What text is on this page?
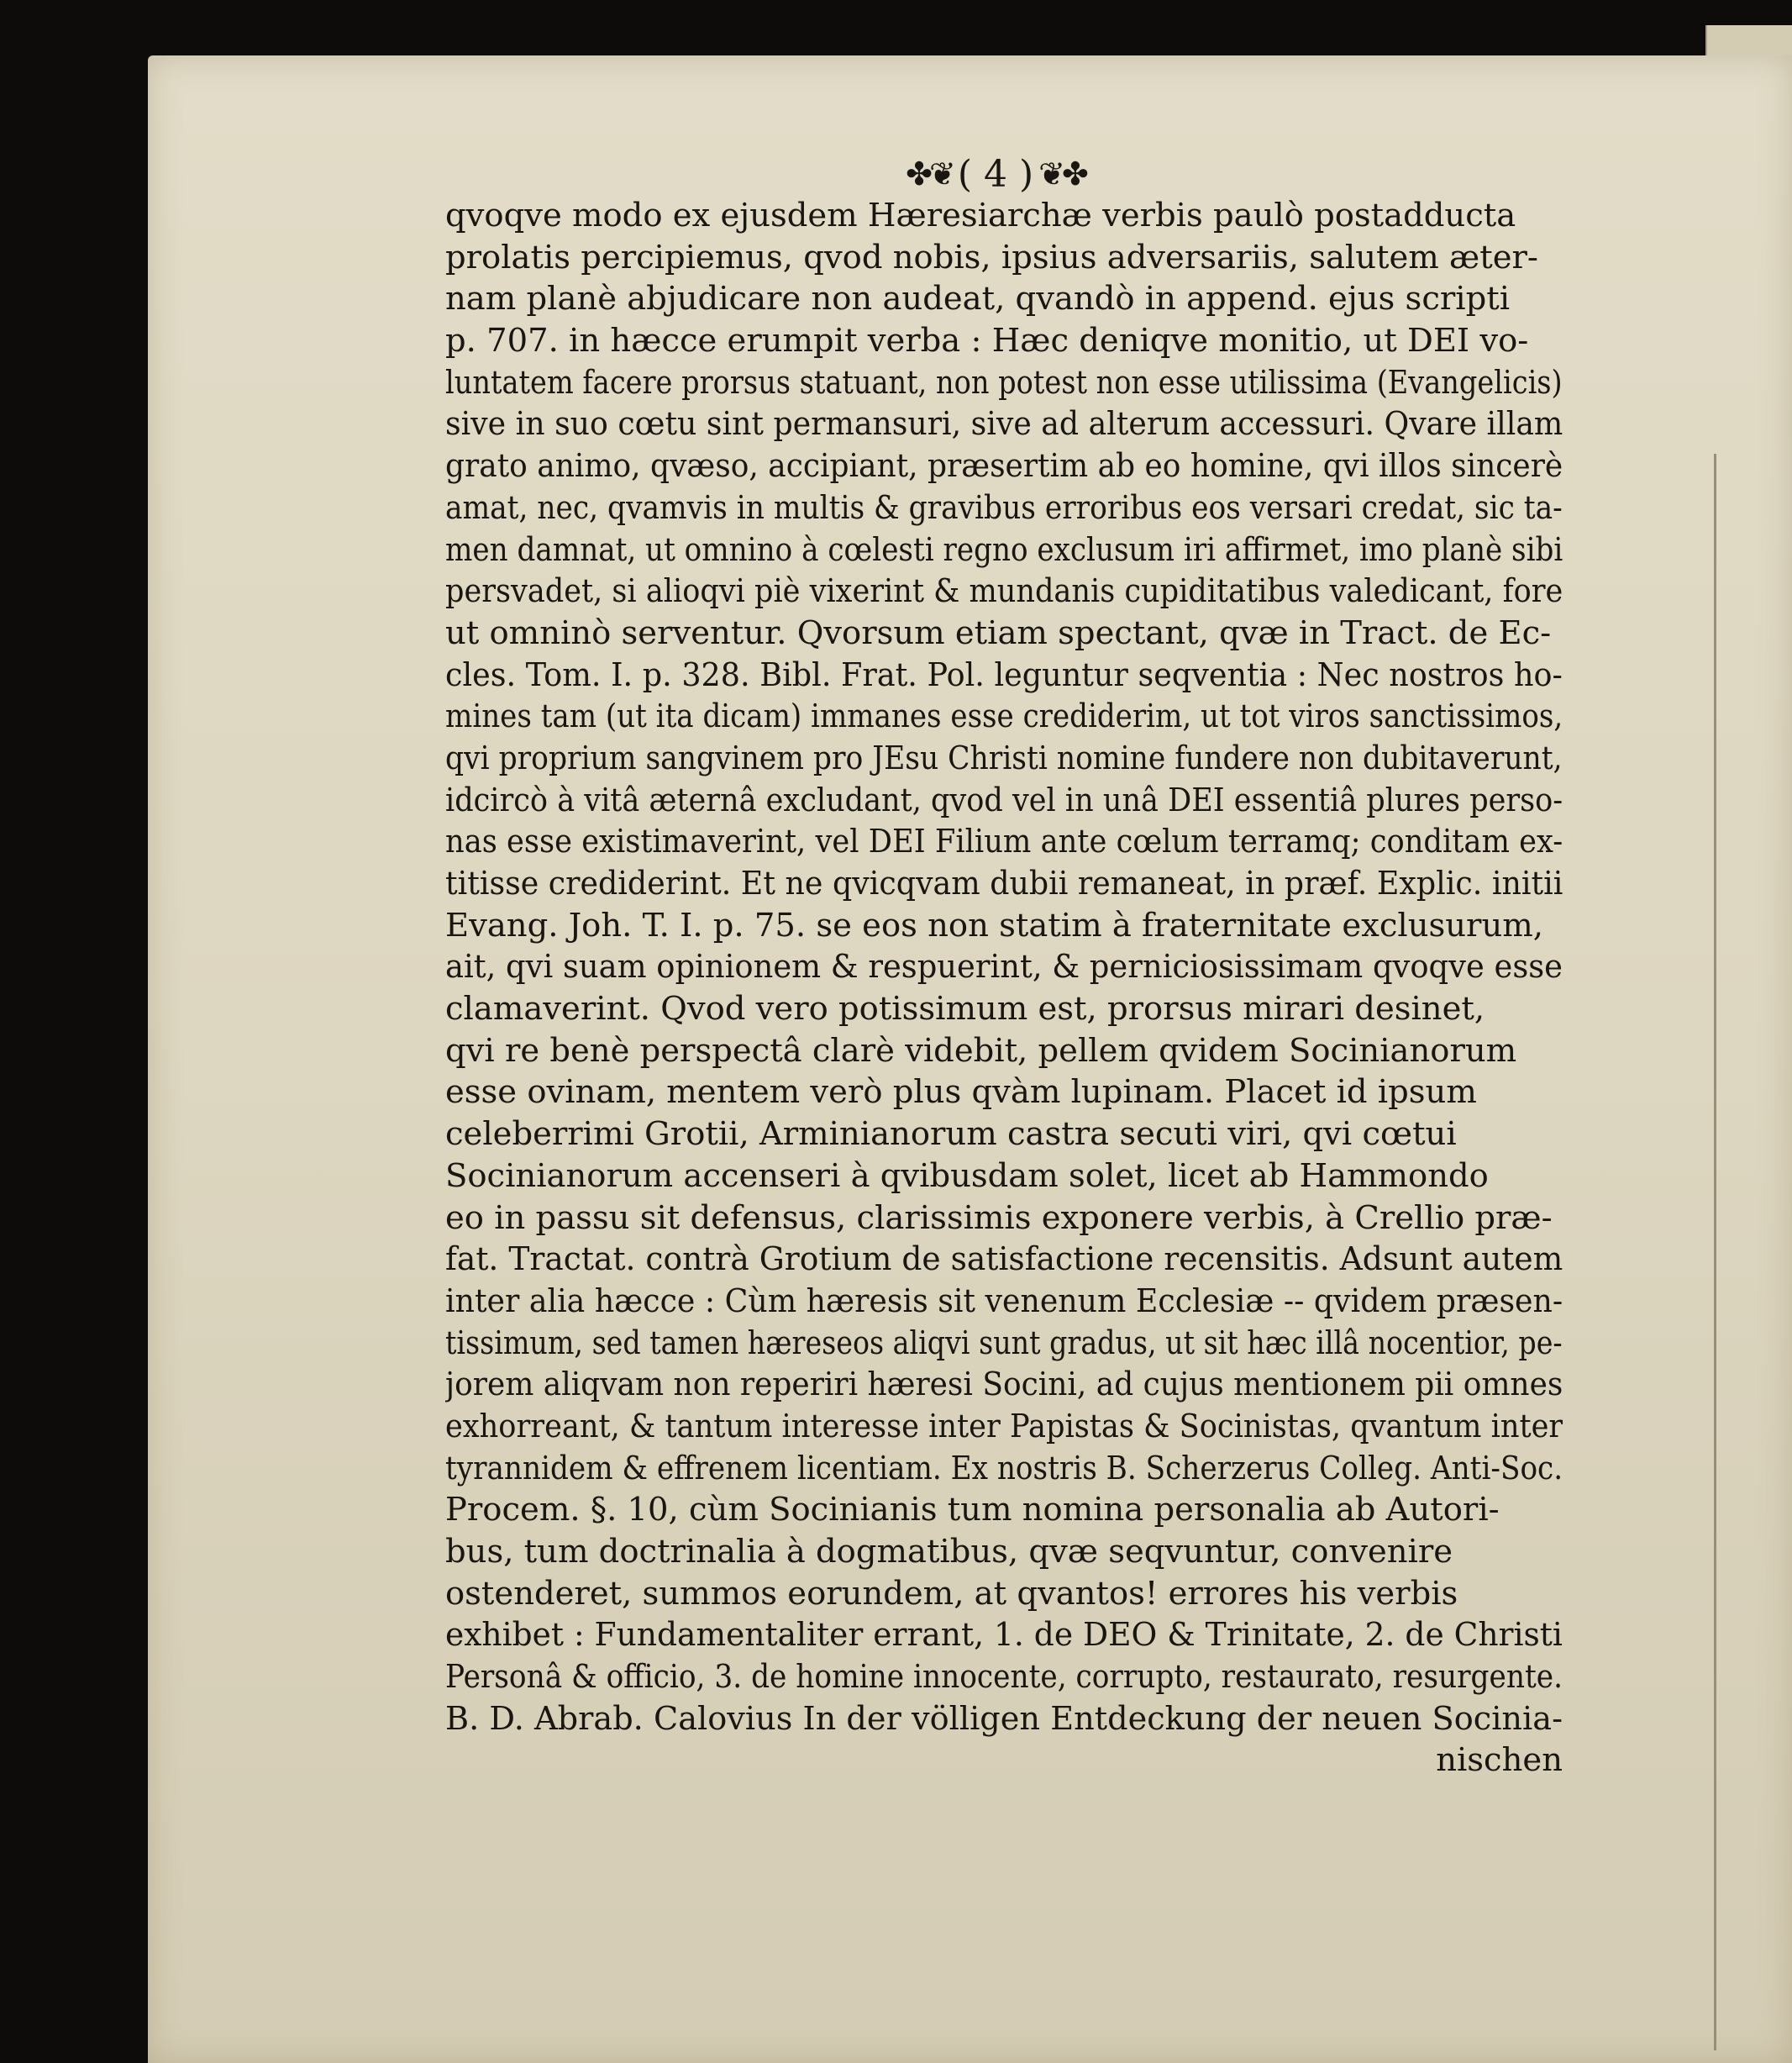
✤❦ ( 4 ) ❦✤
qvoqve modo ex ejusdem Hæresiarchæ verbis paulò postadducta
prolatis percipiemus, qvod nobis, ipsius adversariis, salutem æter-
nam planè abjudicare non audeat, qvandò in append. ejus scripti
p. 707. in hæcce erumpit verba : Hæc deniqve monitio, ut DEI vo-
luntatem facere prorsus statuant, non potest non esse utilissima (Evangelicis)
sive in suo cœtu sint permansuri, sive ad alterum accessuri. Qvare illam
grato animo, qvæso, accipiant, præsertim ab eo homine, qvi illos sincerè
amat, nec, qvamvis in multis & gravibus erroribus eos versari credat, sic ta-
men damnat, ut omnino à cœlesti regno exclusum iri affirmet, imo planè sibi
persvadet, si alioqvi piè vixerint & mundanis cupiditatibus valedicant, fore
ut omninò serventur. Qvorsum etiam spectant, qvæ in Tract. de Ec-
cles. Tom. I. p. 328. Bibl. Frat. Pol. leguntur seqventia : Nec nostros ho-
mines tam (ut ita dicam) immanes esse crediderim, ut tot viros sanctissimos,
qvi proprium sangvinem pro JEsu Christi nomine fundere non dubitaverunt,
idcircò à vitâ æternâ excludant, qvod vel in unâ DEI essentiâ plures perso-
nas esse existimaverint, vel DEI Filium ante cœlum terramq; conditam ex-
titisse crediderint. Et ne qvicqvam dubii remaneat, in præf. Explic. initii
Evang. Joh. T. I. p. 75. se eos non statim à fraternitate exclusurum,
ait, qvi suam opinionem & respuerint, & perniciosissimam qvoqve esse
clamaverint. Qvod vero potissimum est, prorsus mirari desinet,
qvi re benè perspectâ clarè videbit, pellem qvidem Socinianorum
esse ovinam, mentem verò plus qvàm lupinam. Placet id ipsum
celeberrimi Grotii, Arminianorum castra secuti viri, qvi cœtui
Socinianorum accenseri à qvibusdam solet, licet ab Hammondo
eo in passu sit defensus, clarissimis exponere verbis, à Crellio præ-
fat. Tractat. contrà Grotium de satisfactione recensitis. Adsunt autem
inter alia hæcce : Cùm hæresis sit venenum Ecclesiæ -- qvidem præsen-
tissimum, sed tamen hæreseos aliqvi sunt gradus, ut sit hæc illâ nocentior, pe-
jorem aliqvam non reperiri hæresi Socini, ad cujus mentionem pii omnes
exhorreant, & tantum interesse inter Papistas & Socinistas, qvantum inter
tyrannidem & effrenem licentiam. Ex nostris B. Scherzerus Colleg. Anti-Soc.
Procem. §. 10, cùm Socinianis tum nomina personalia ab Autori-
bus, tum doctrinalia à dogmatibus, qvæ seqvuntur, convenire
ostenderet, summos eorundem, at qvantos! errores his verbis
exhibet : Fundamentaliter errant, 1. de DEO & Trinitate, 2. de Christi
Personâ & officio, 3. de homine innocente, corrupto, restaurato, resurgente.
B. D. Abrab. Calovius In der völligen Entdeckung der neuen Socinia-
nischen
